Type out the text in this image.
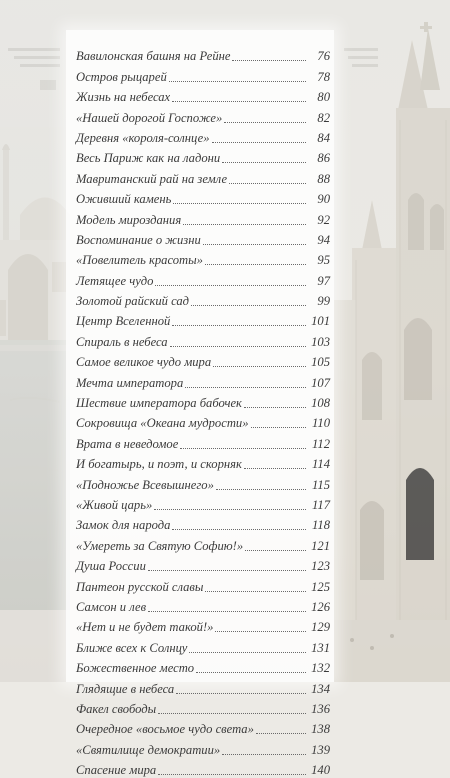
Вавилонская башня на Рейне	76
Остров рыцарей	78
Жизнь на небесах	80
«Нашей дорогой Госпоже»	82
Деревня «короля-солнце»	84
Весь Париж как на ладони	86
Мавританский рай на земле	88
Оживший камень	90
Модель мироздания	92
Воспоминание о жизни	94
«Повелитель красоты»	95
Летящее чудо	97
Золотой райский сад	99
Центр Вселенной	101
Спираль в небеса	103
Самое великое чудо мира	105
Мечта императора	107
Шествие императора бабочек	108
Сокровища «Океана мудрости»	110
Врата в неведомое	112
И богатырь, и поэт, и скорняк	114
«Подножье Всевышнего»	115
«Живой царь»	117
Замок для народа	118
«Умереть за Святую Софию!»	121
Душа России	123
Пантеон русской славы	125
Самсон и лев	126
«Нет и не будет такой!»	129
Ближе всех к Солнцу	131
Божественное место	132
Глядящие в небеса	134
Факел свободы	136
Очередное «восьмое чудо света»	138
«Святилище демократии»	139
Спасение мира	140
